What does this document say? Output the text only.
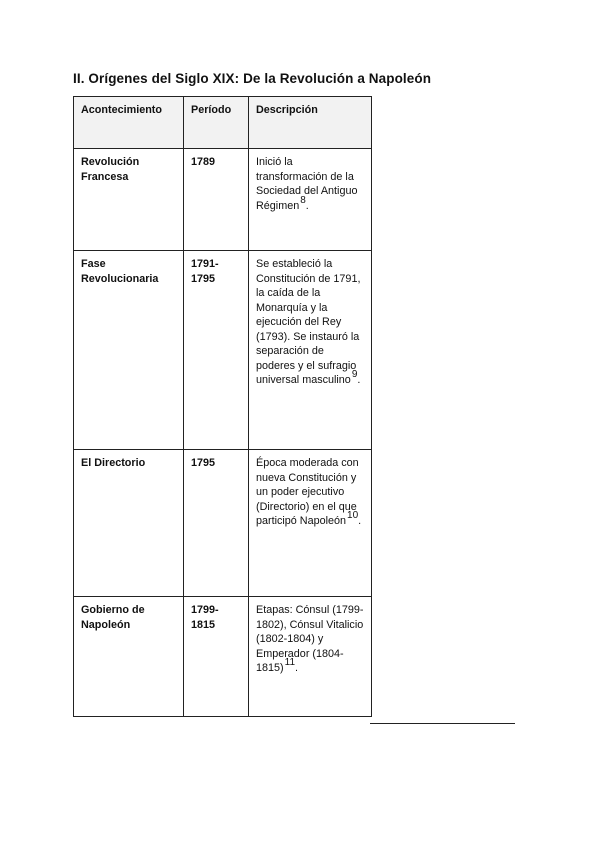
II. Orígenes del Siglo XIX: De la Revolución a Napoleón
Acontecimiento	Período	Descripción
Revolución Francesa	1789	Inició la transformación de la Sociedad del Antiguo Régimen8.
Fase Revolucionaria	1791-1795	Se estableció la Constitución de 1791, la caída de la Monarquía y la ejecución del Rey (1793). Se instauró la separación de poderes y el sufragio universal masculino9.
El Directorio	1795	Época moderada con nueva Constitución y un poder ejecutivo (Directorio) en el que participó Napoleón10.
Gobierno de Napoleón	1799-1815	Etapas: Cónsul (1799-1802), Cónsul Vitalicio (1802-1804) y Emperador (1804-1815)11.
